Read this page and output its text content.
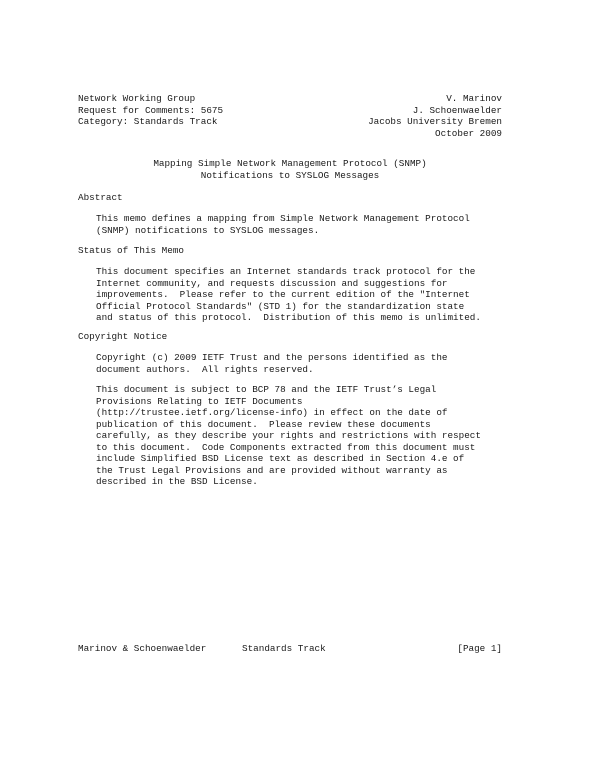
Network Working Group	V. Marinov
Request for Comments: 5675	J. Schoenwaelder
Category: Standards Track	Jacobs University Bremen
October 2009
Mapping Simple Network Management Protocol (SNMP)
Notifications to SYSLOG Messages
Abstract
This memo defines a mapping from Simple Network Management Protocol
(SNMP) notifications to SYSLOG messages.
Status of This Memo
This document specifies an Internet standards track protocol for the
Internet community, and requests discussion and suggestions for
improvements.  Please refer to the current edition of the "Internet
Official Protocol Standards" (STD 1) for the standardization state
and status of this protocol.  Distribution of this memo is unlimited.
Copyright Notice
Copyright (c) 2009 IETF Trust and the persons identified as the
document authors.  All rights reserved.
This document is subject to BCP 78 and the IETF Trust’s Legal
Provisions Relating to IETF Documents
(http://trustee.ietf.org/license-info) in effect on the date of
publication of this document.  Please review these documents
carefully, as they describe your rights and restrictions with respect
to this document.  Code Components extracted from this document must
include Simplified BSD License text as described in Section 4.e of
the Trust Legal Provisions and are provided without warranty as
described in the BSD License.

Marinov & Schoenwaelder

	Standards Track

	[Page 1]
